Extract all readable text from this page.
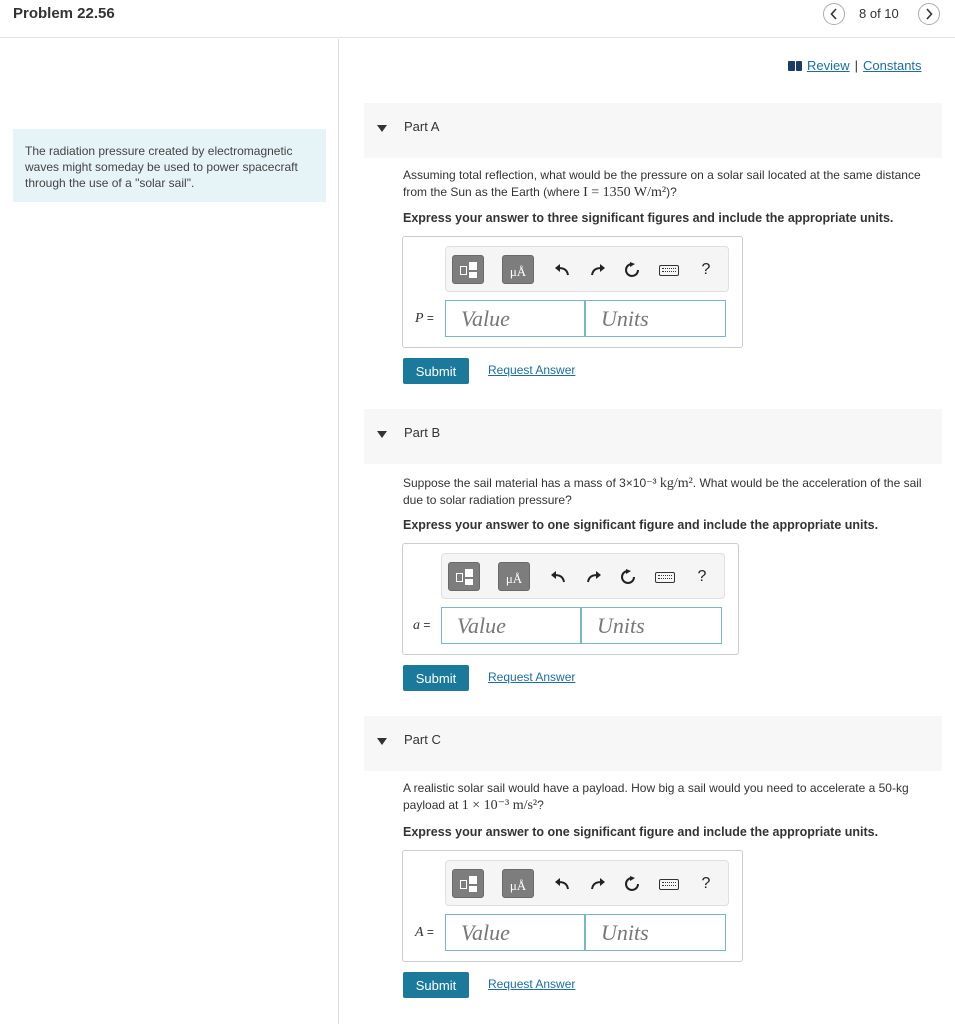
Problem 22.56	8 of 10
The radiation pressure created by electromagnetic waves might someday be used to power spacecraft through the use of a "solar sail".
Review | Constants
Part A
Assuming total reflection, what would be the pressure on a solar sail located at the same distance from the Sun as the Earth (where I = 1350 W/m²)?
Express your answer to three significant figures and include the appropriate units.
μÅ	?
P =	Value	Units
Submit	Request Answer
Part B
Suppose the sail material has a mass of 3×10⁻³ kg/m². What would be the acceleration of the sail due to solar radiation pressure?
Express your answer to one significant figure and include the appropriate units.
μÅ	?
a =	Value	Units
Submit	Request Answer
Part C
A realistic solar sail would have a payload. How big a sail would you need to accelerate a 50-kg payload at 1 × 10⁻³ m/s²?
Express your answer to one significant figure and include the appropriate units.
μÅ	?
A =	Value	Units
Submit	Request Answer
